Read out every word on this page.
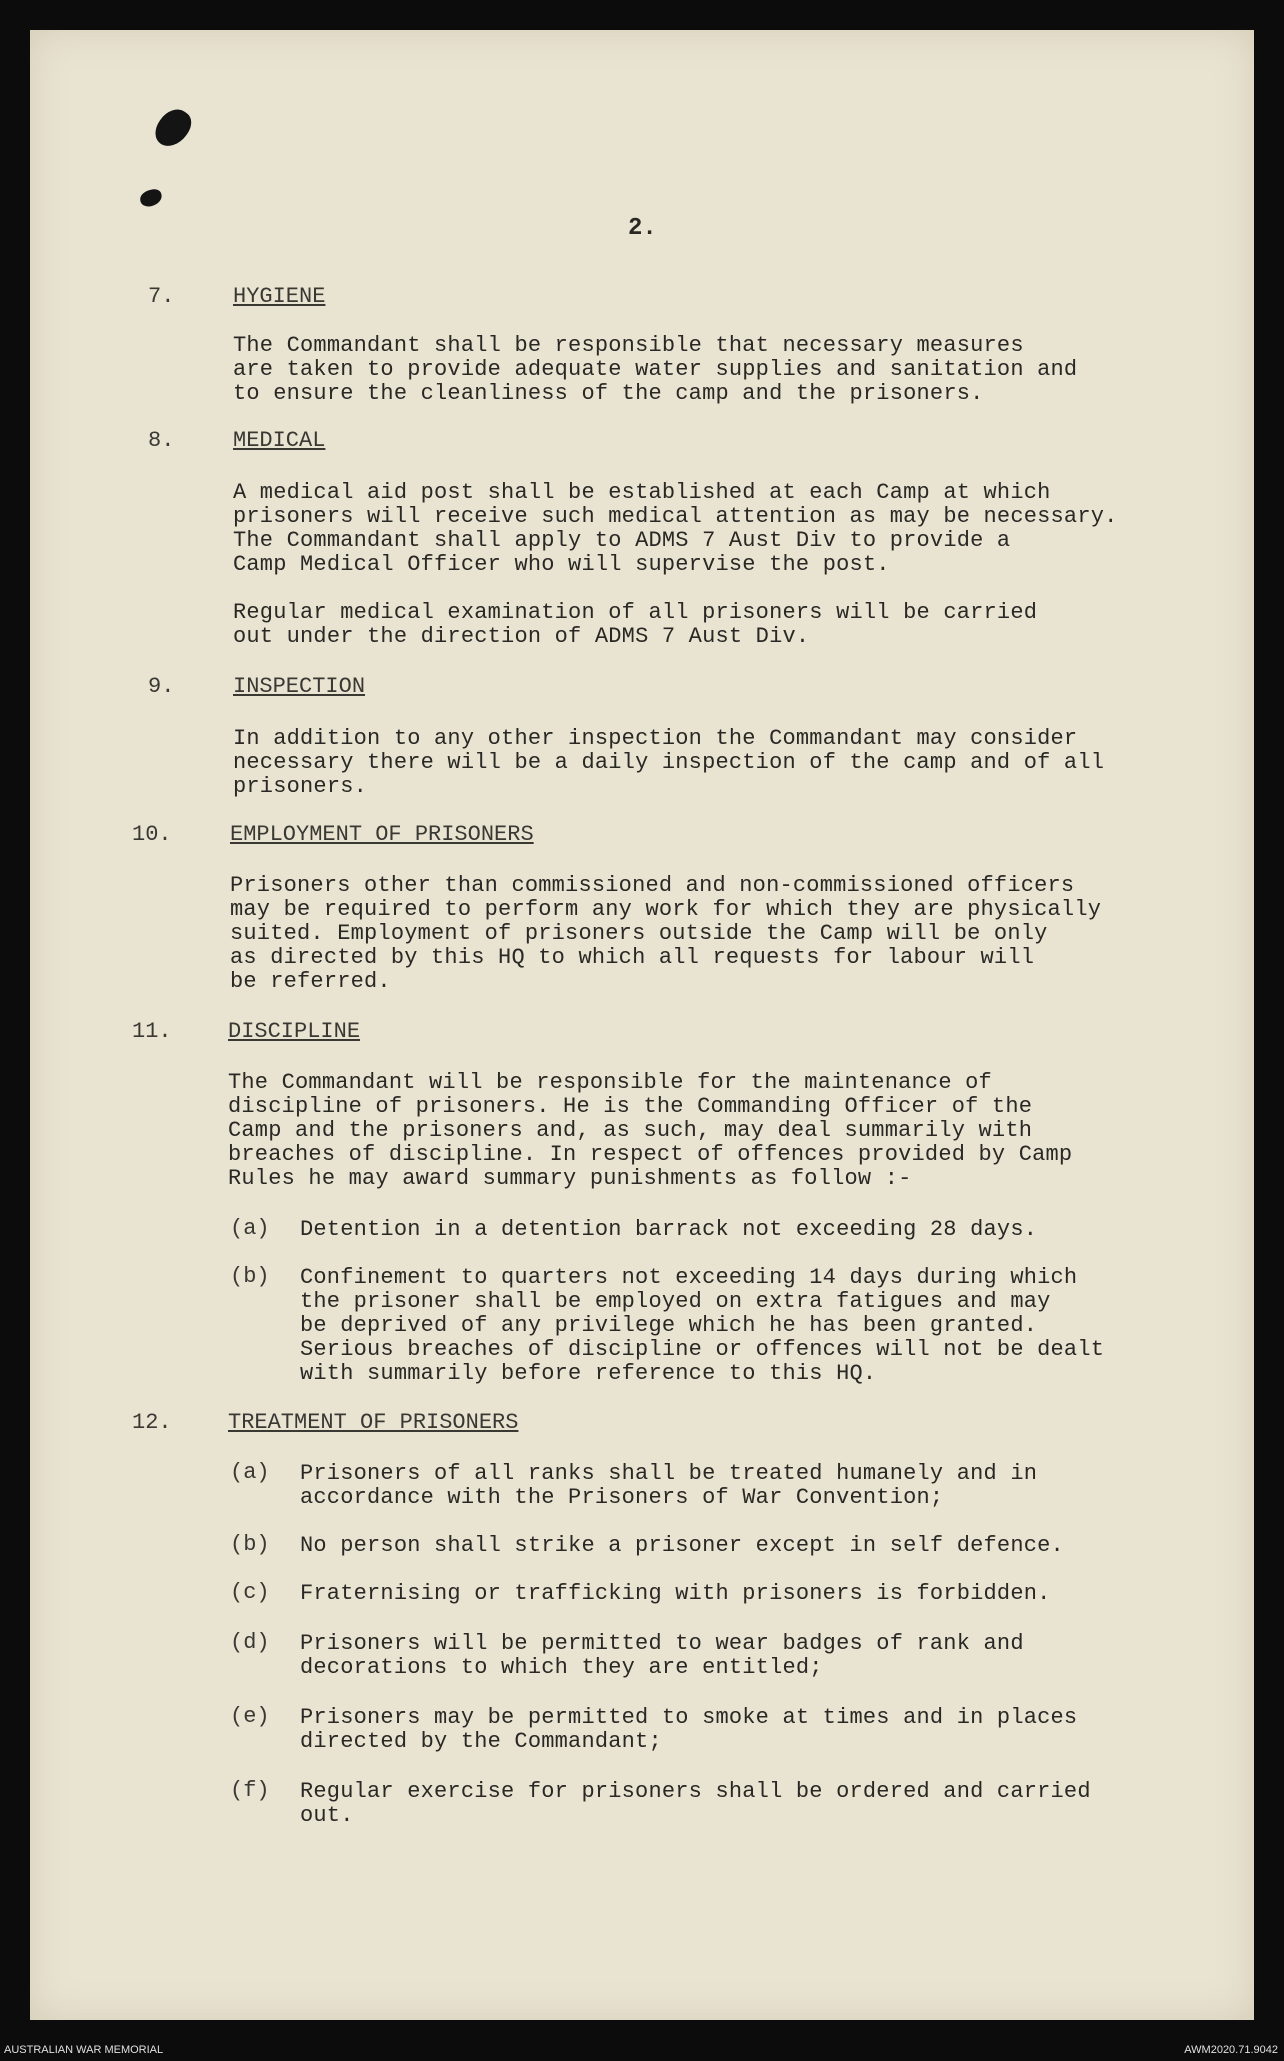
2.
7.	HYGIENE
The Commandant shall be responsible that necessary measures
are taken to provide adequate water supplies and sanitation and
to ensure the cleanliness of the camp and the prisoners.
8.	MEDICAL
A medical aid post shall be established at each Camp at which
prisoners will receive such medical attention as may be necessary.
The Commandant shall apply to ADMS 7 Aust Div to provide a
Camp Medical Officer who will supervise the post.
Regular medical examination of all prisoners will be carried
out under the direction of ADMS 7 Aust Div.
9.	INSPECTION
In addition to any other inspection the Commandant may consider
necessary there will be a daily inspection of the camp and of all
prisoners.
10.	EMPLOYMENT OF PRISONERS
Prisoners other than commissioned and non-commissioned officers
may be required to perform any work for which they are physically
suited. Employment of prisoners outside the Camp will be only
as directed by this HQ to which all requests for labour will
be referred.
11.	DISCIPLINE
The Commandant will be responsible for the maintenance of
discipline of prisoners. He is the Commanding Officer of the
Camp and the prisoners and, as such, may deal summarily with
breaches of discipline. In respect of offences provided by Camp
Rules he may award summary punishments as follow :-
(a) Detention in a detention barrack not exceeding 28 days.
(b) Confinement to quarters not exceeding 14 days during which
the prisoner shall be employed on extra fatigues and may
be deprived of any privilege which he has been granted.
Serious breaches of discipline or offences will not be dealt
with summarily before reference to this HQ.
12.	TREATMENT OF PRISONERS
(a) Prisoners of all ranks shall be treated humanely and in
accordance with the Prisoners of War Convention;
(b) No person shall strike a prisoner except in self defence.
(c) Fraternising or trafficking with prisoners is forbidden.
(d) Prisoners will be permitted to wear badges of rank and
decorations to which they are entitled;
(e) Prisoners may be permitted to smoke at times and in places
directed by the Commandant;
(f) Regular exercise for prisoners shall be ordered and carried
out.
AUSTRALIAN WAR MEMORIAL	AWM2020.71.9042
